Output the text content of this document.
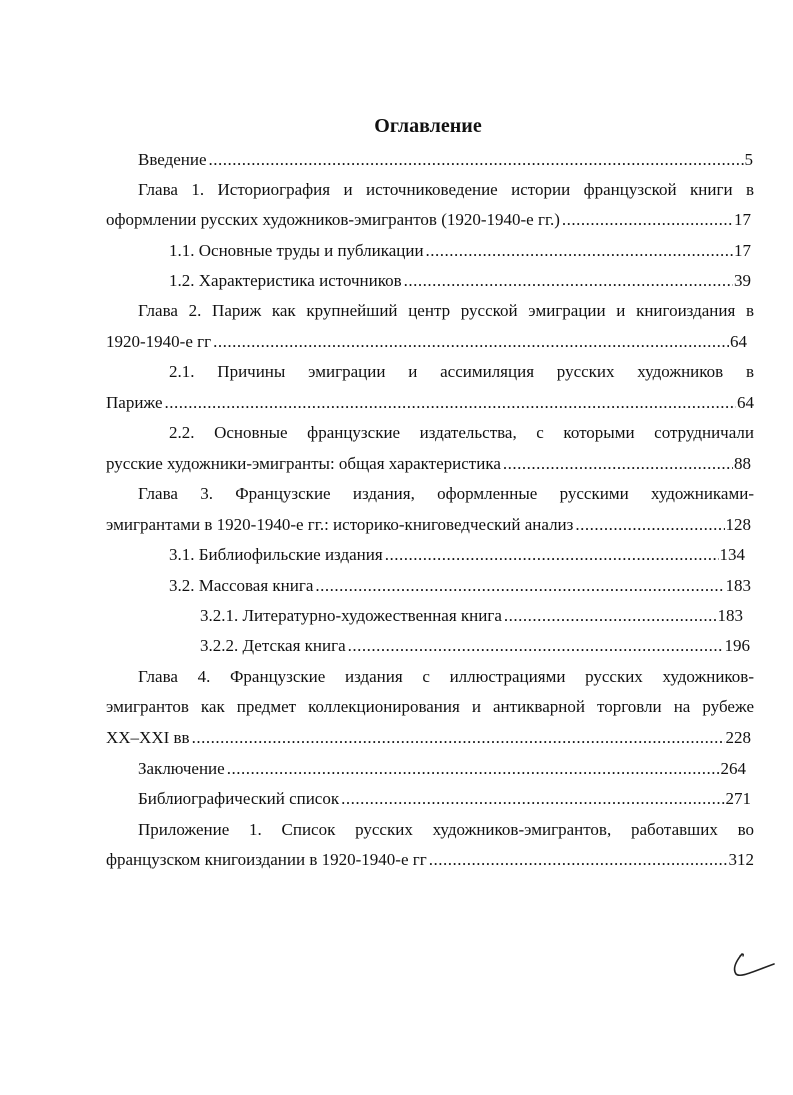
Оглавление
Введение .....	5
Глава 1. Историография и источниковедение истории французской книги в
оформлении русских художников-эмигрантов (1920-1940-е гг.) .....	17
1.1. Основные труды и публикации .....	17
1.2. Характеристика источников .....	39
Глава 2. Париж как крупнейший центр русской эмиграции и книгоиздания в
1920-1940-е гг .....	64
2.1. Причины эмиграции и ассимиляция русских художников в
Париже .....	64
2.2. Основные французские издательства, с которыми сотрудничали
русские художники-эмигранты: общая характеристика .....	88
Глава 3. Французские издания, оформленные русскими художниками-
эмигрантами в 1920-1940-е гг.: историко-книговедческий анализ .....	128
3.1. Библиофильские издания .....	134
3.2. Массовая книга .....	183
3.2.1. Литературно-художественная книга .....	183
3.2.2. Детская книга .....	196
Глава 4. Французские издания с иллюстрациями русских художников-
эмигрантов как предмет коллекционирования и антикварной торговли на рубеже
XX–XXI вв .....	228
Заключение .....	264
Библиографический список .....	271
Приложение 1. Список русских художников-эмигрантов, работавших во
французском книгоиздании в 1920-1940-е гг .....	312
